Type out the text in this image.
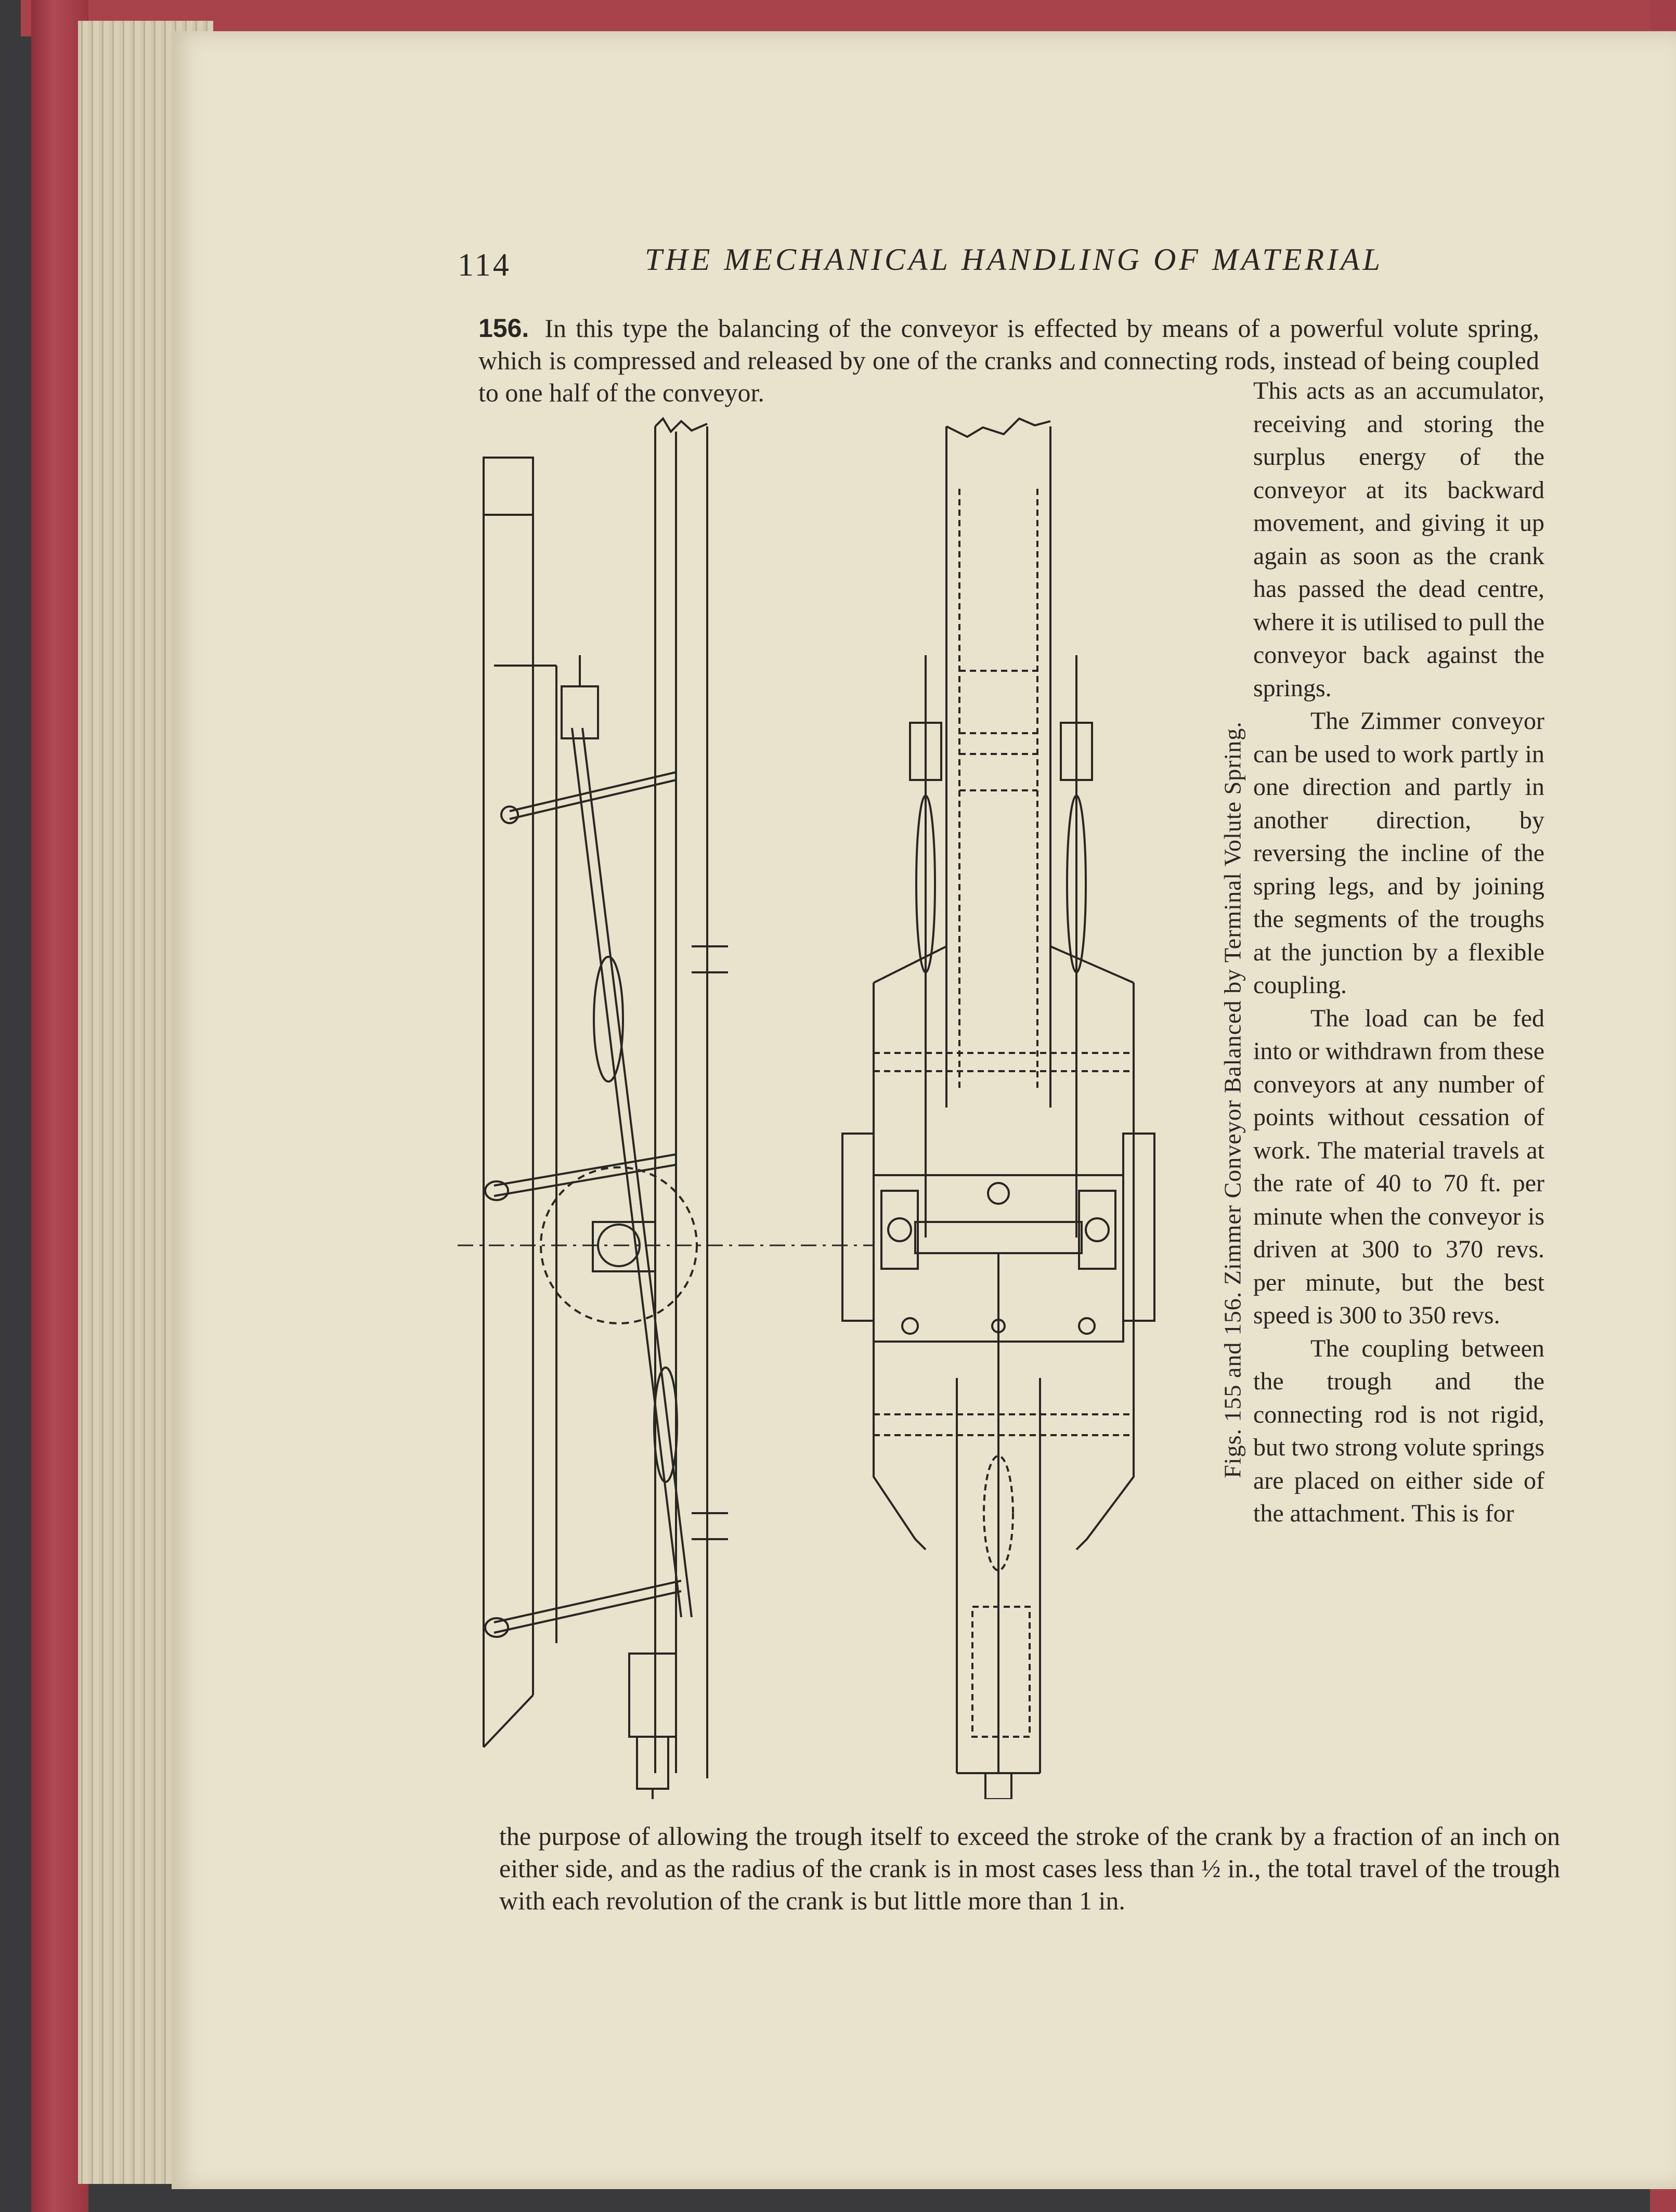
114	THE MECHANICAL HANDLING OF MATERIAL
156. In this type the balancing of the conveyor is effected by means of a powerful volute spring, which is compressed and released by one of the cranks and connecting rods, instead of being coupled to one half of the conveyor.
Figs. 155 and 156. Zimmer Conveyor Balanced by Terminal Volute Spring.

This acts as an accumulator, receiving and storing the surplus energy of the conveyor at its backward movement, and giving it up again as soon as the crank has passed the dead centre, where it is utilised to pull the conveyor back against the springs.

The Zimmer conveyor can be used to work partly in one direction and partly in another direction, by reversing the incline of the spring legs, and by joining the segments of the troughs at the junction by a flexible coupling.

The load can be fed into or withdrawn from these conveyors at any number of points without cessation of work. The material travels at the rate of 40 to 70 ft. per minute when the conveyor is driven at 300 to 370 revs. per minute, but the best speed is 300 to 350 revs.

The coupling between the trough and the connecting rod is not rigid, but two strong volute springs are placed on either side of the attachment. This is for

the purpose of allowing the trough itself to exceed the stroke of the crank by a fraction of an inch on either side, and as the radius of the crank is in most cases less than ½ in., the total travel of the trough with each revolution of the crank is but little more than 1 in.
